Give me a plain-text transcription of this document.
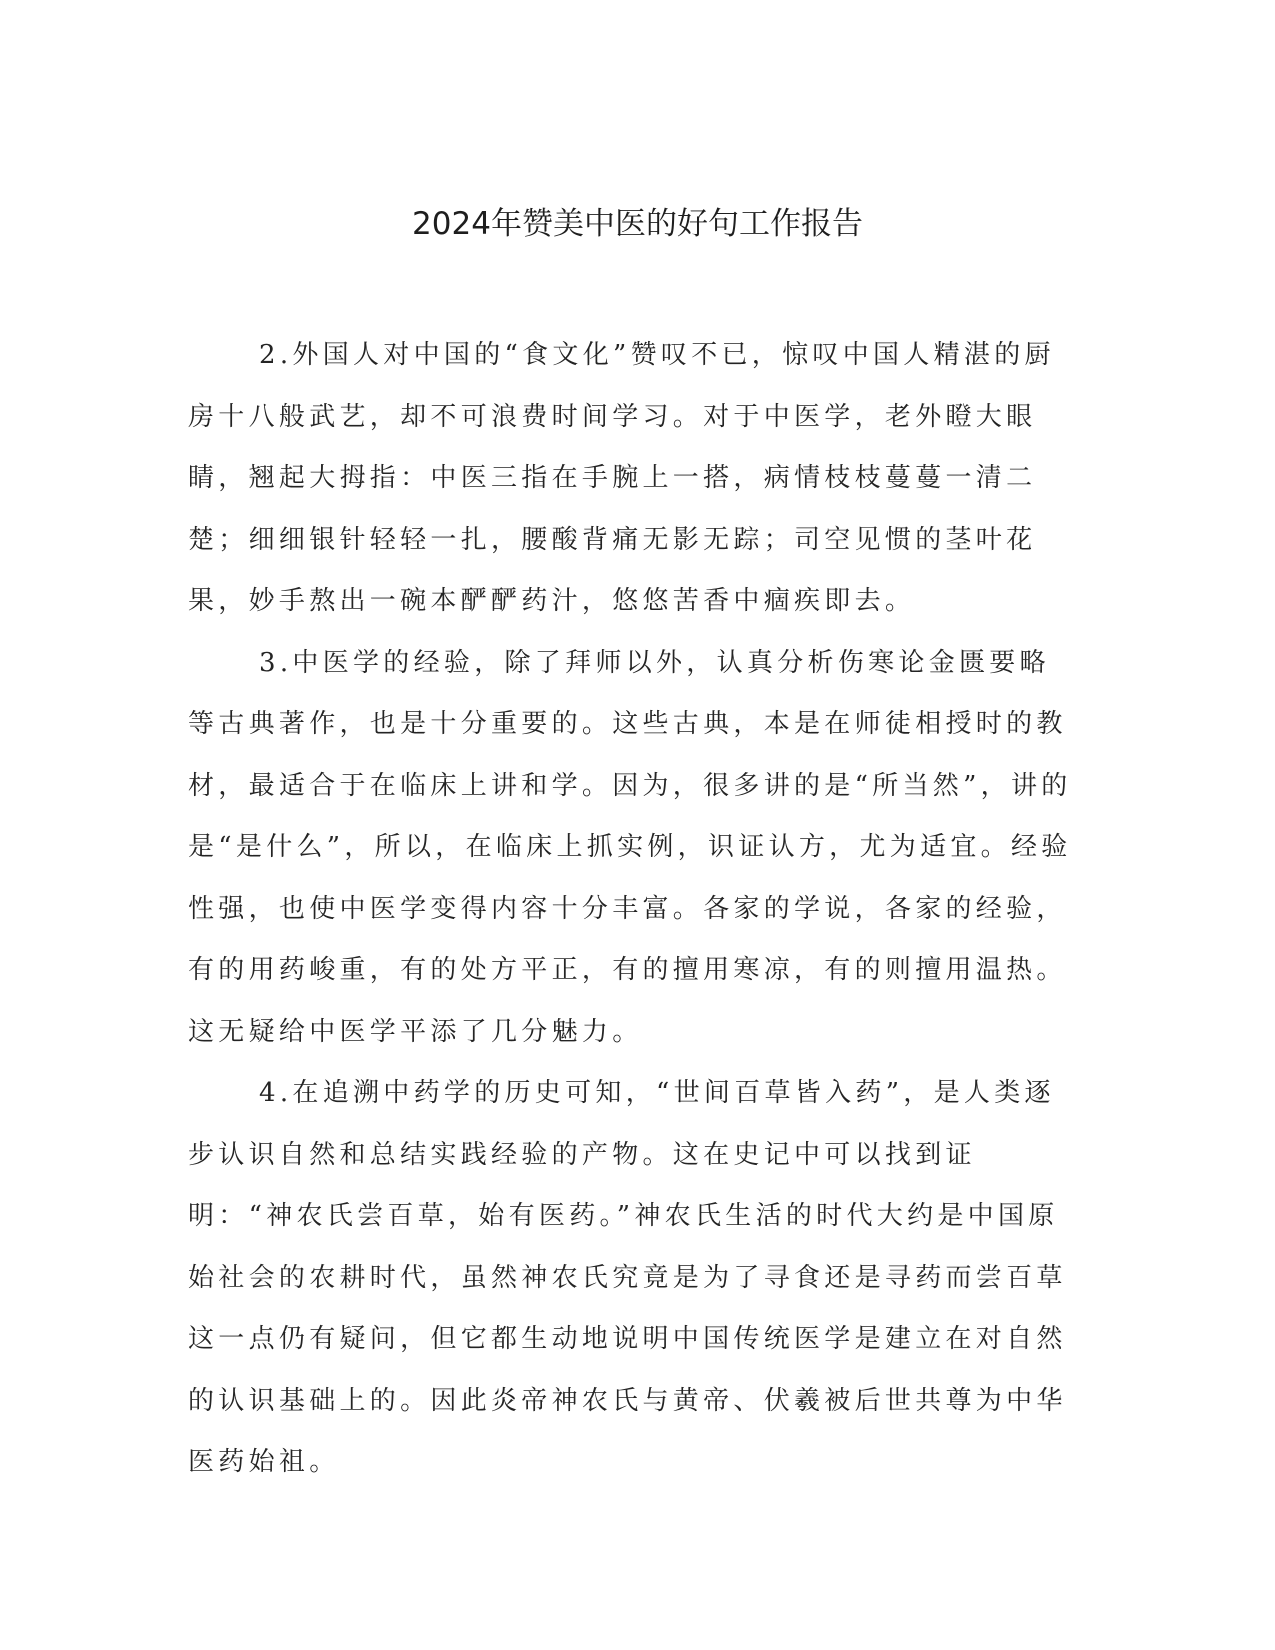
2024年赞美中医的好句工作报告

2.外国人对中国的“食文化”赞叹不已，惊叹中国人精湛的厨房十八般武艺，却不可浪费时间学习。对于中医学，老外瞪大眼睛，翘起大拇指：中医三指在手腕上一搭，病情枝枝蔓蔓一清二楚；细细银针轻轻一扎，腰酸背痛无影无踪；司空见惯的茎叶花果，妙手熬出一碗本酽酽药汁，悠悠苦香中痼疾即去。

3.中医学的经验，除了拜师以外，认真分析伤寒论金匮要略等古典著作，也是十分重要的。这些古典，本是在师徒相授时的教材，最适合于在临床上讲和学。因为，很多讲的是“所当然”，讲的是“是什么”，所以，在临床上抓实例，识证认方，尤为适宜。经验性强，也使中医学变得内容十分丰富。各家的学说，各家的经验，有的用药峻重，有的处方平正，有的擅用寒凉，有的则擅用温热。这无疑给中医学平添了几分魅力。

4.在追溯中药学的历史可知，“世间百草皆入药”，是人类逐步认识自然和总结实践经验的产物。这在史记中可以找到证明：“神农氏尝百草，始有医药。”神农氏生活的时代大约是中国原始社会的农耕时代，虽然神农氏究竟是为了寻食还是寻药而尝百草这一点仍有疑问，但它都生动地说明中国传统医学是建立在对自然的认识基础上的。因此炎帝神农氏与黄帝、伏羲被后世共尊为中华医药始祖。
